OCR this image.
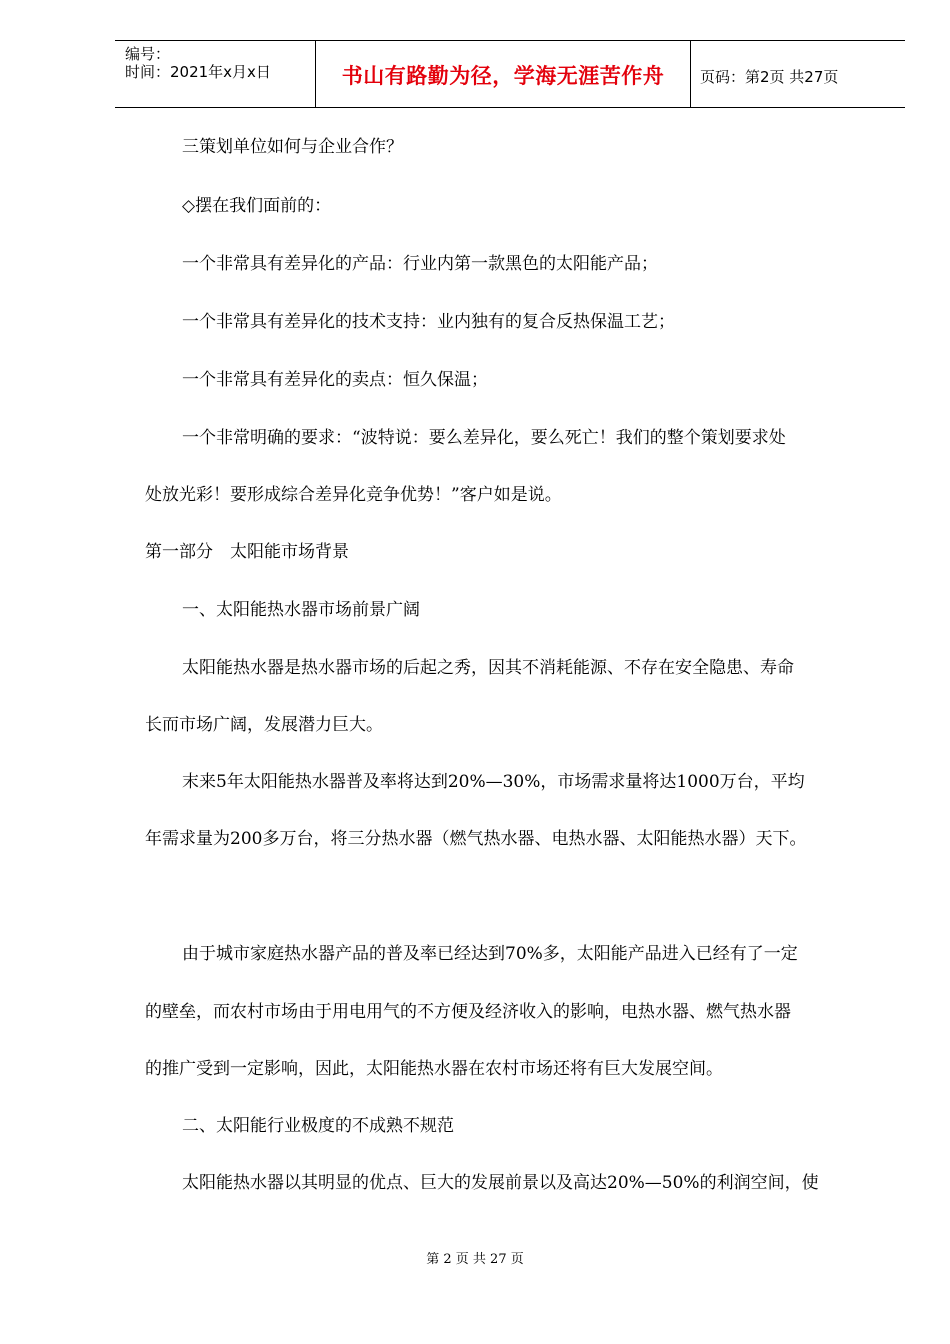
编号：
时间：2021年x月x日	书山有路勤为径，学海无涯苦作舟	页码：第2页 共27页
三策划单位如何与企业合作？
◇摆在我们面前的：
一个非常具有差异化的产品：行业内第一款黑色的太阳能产品；
一个非常具有差异化的技术支持：业内独有的复合反热保温工艺；
一个非常具有差异化的卖点：恒久保温；
一个非常明确的要求：“波特说：要么差异化，要么死亡！我们的整个策划要求处
处放光彩！要形成综合差异化竞争优势！”客户如是说。
第一部分　太阳能市场背景
一、太阳能热水器市场前景广阔
太阳能热水器是热水器市场的后起之秀，因其不消耗能源、不存在安全隐患、寿命
长而市场广阔，发展潜力巨大。
末来5年太阳能热水器普及率将达到20%—30%，市场需求量将达1000万台，平均
年需求量为200多万台，将三分热水器（燃气热水器、电热水器、太阳能热水器）天下。
由于城市家庭热水器产品的普及率已经达到70%多，太阳能产品进入已经有了一定
的壁垒，而农村市场由于用电用气的不方便及经济收入的影响，电热水器、燃气热水器
的推广受到一定影响，因此，太阳能热水器在农村市场还将有巨大发展空间。
二、太阳能行业极度的不成熟不规范
太阳能热水器以其明显的优点、巨大的发展前景以及高达20%—50%的利润空间，使
第 2 页 共 27 页
